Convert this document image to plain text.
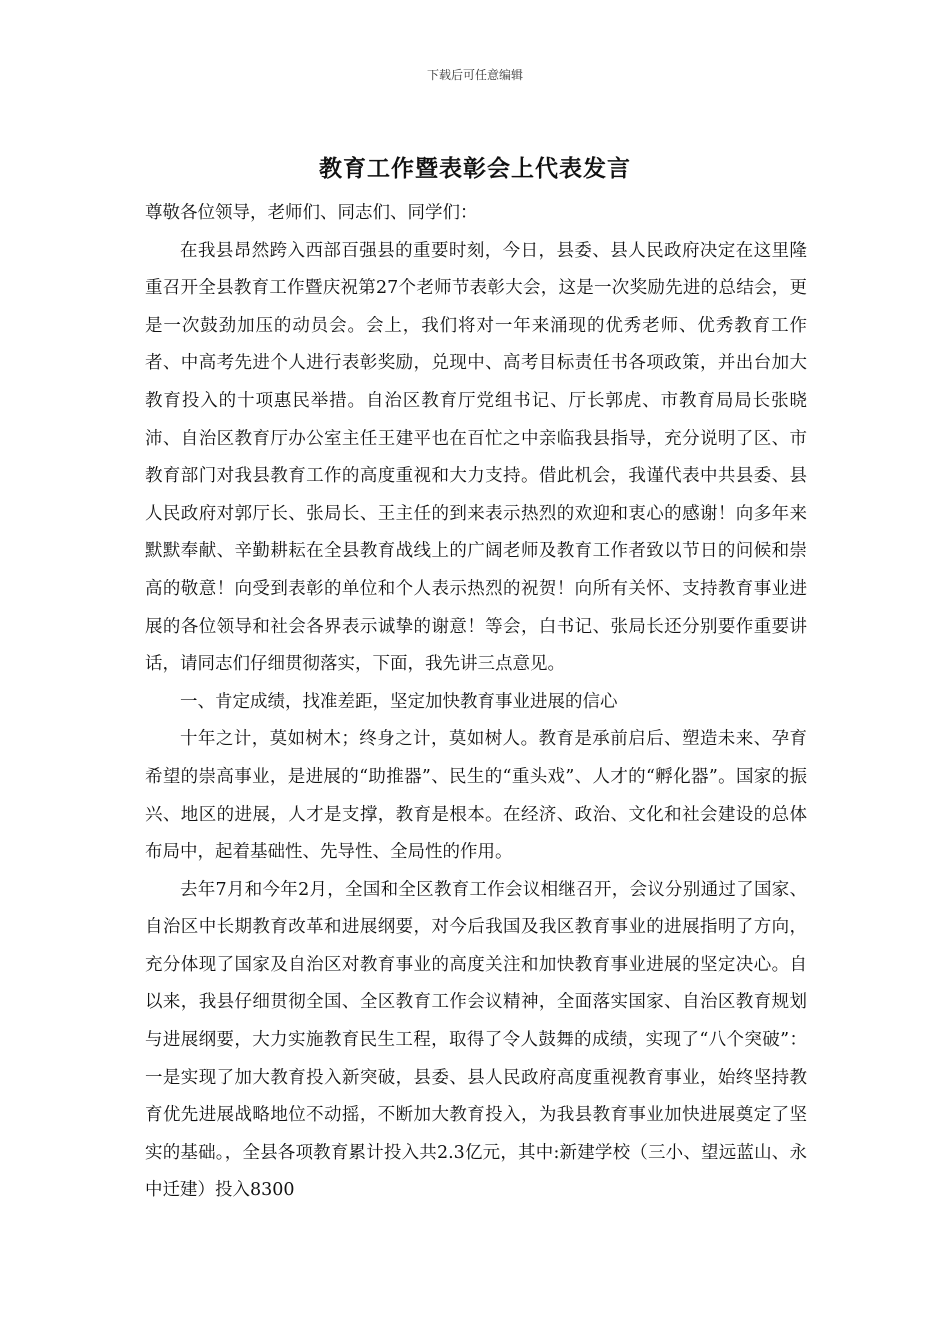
下载后可任意编辑
教育工作暨表彰会上代表发言

尊敬各位领导，老师们、同志们、同学们：

在我县昂然跨入西部百强县的重要时刻，今日，县委、县人民政府决定在这里隆重召开全县教育工作暨庆祝第27个老师节表彰大会，这是一次奖励先进的总结会，更是一次鼓劲加压的动员会。会上，我们将对一年来涌现的优秀老师、优秀教育工作者、中高考先进个人进行表彰奖励，兑现中、高考目标责任书各项政策，并出台加大教育投入的十项惠民举措。自治区教育厅党组书记、厅长郭虎、市教育局局长张晓沛、自治区教育厅办公室主任王建平也在百忙之中亲临我县指导，充分说明了区、市教育部门对我县教育工作的高度重视和大力支持。借此机会，我谨代表中共县委、县人民政府对郭厅长、张局长、王主任的到来表示热烈的欢迎和衷心的感谢！向多年来默默奉献、辛勤耕耘在全县教育战线上的广阔老师及教育工作者致以节日的问候和崇高的敬意！向受到表彰的单位和个人表示热烈的祝贺！向所有关怀、支持教育事业进展的各位领导和社会各界表示诚挚的谢意！等会，白书记、张局长还分别要作重要讲话，请同志们仔细贯彻落实，下面，我先讲三点意见。

一、肯定成绩，找准差距，坚定加快教育事业进展的信心

十年之计，莫如树木；终身之计，莫如树人。教育是承前启后、塑造未来、孕育希望的崇高事业，是进展的“助推器”、民生的“重头戏”、人才的“孵化器”。国家的振兴、地区的进展，人才是支撑，教育是根本。在经济、政治、文化和社会建设的总体布局中，起着基础性、先导性、全局性的作用。

去年7月和今年2月，全国和全区教育工作会议相继召开，会议分别通过了国家、自治区中长期教育改革和进展纲要，对今后我国及我区教育事业的进展指明了方向，充分体现了国家及自治区对教育事业的高度关注和加快教育事业进展的坚定决心。自以来，我县仔细贯彻全国、全区教育工作会议精神，全面落实国家、自治区教育规划与进展纲要，大力实施教育民生工程，取得了令人鼓舞的成绩，实现了“八个突破”：一是实现了加大教育投入新突破，县委、县人民政府高度重视教育事业，始终坚持教育优先进展战略地位不动摇，不断加大教育投入，为我县教育事业加快进展奠定了坚实的基础。，全县各项教育累计投入共2.3亿元，其中:新建学校（三小、望远蓝山、永中迁建）投入8300
